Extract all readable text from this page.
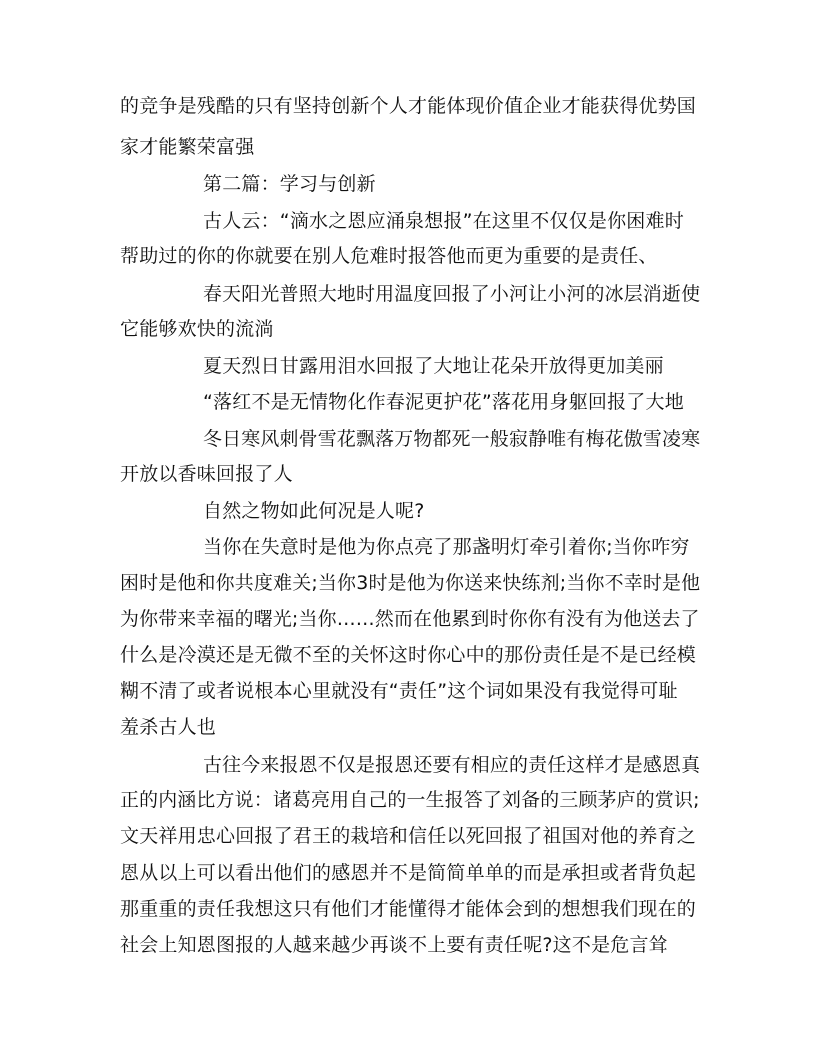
的竞争是残酷的只有坚持创新个人才能体现价值企业才能获得优势国
家才能繁荣富强
第二篇：学习与创新
古人云：“滴水之恩应涌泉想报”在这里不仅仅是你困难时
帮助过的你的你就要在别人危难时报答他而更为重要的是责任、
春天阳光普照大地时用温度回报了小河让小河的冰层消逝使
它能够欢快的流淌
夏天烈日甘露用泪水回报了大地让花朵开放得更加美丽
“落红不是无情物化作春泥更护花”落花用身躯回报了大地
冬日寒风刺骨雪花飘落万物都死一般寂静唯有梅花傲雪凌寒
开放以香味回报了人
自然之物如此何况是人呢?
当你在失意时是他为你点亮了那盏明灯牵引着你;当你咋穷
困时是他和你共度难关;当你3时是他为你送来快练剂;当你不幸时是他
为你带来幸福的曙光;当你……然而在他累到时你你有没有为他送去了
什么是冷漠还是无微不至的关怀这时你心中的那份责任是不是已经模
糊不清了或者说根本心里就没有“责任”这个词如果没有我觉得可耻
羞杀古人也
古往今来报恩不仅是报恩还要有相应的责任这样才是感恩真
正的内涵比方说：诸葛亮用自己的一生报答了刘备的三顾茅庐的赏识;
文天祥用忠心回报了君王的栽培和信任以死回报了祖国对他的养育之
恩从以上可以看出他们的感恩并不是简简单单的而是承担或者背负起
那重重的责任我想这只有他们才能懂得才能体会到的想想我们现在的
社会上知恩图报的人越来越少再谈不上要有责任呢?这不是危言耸
